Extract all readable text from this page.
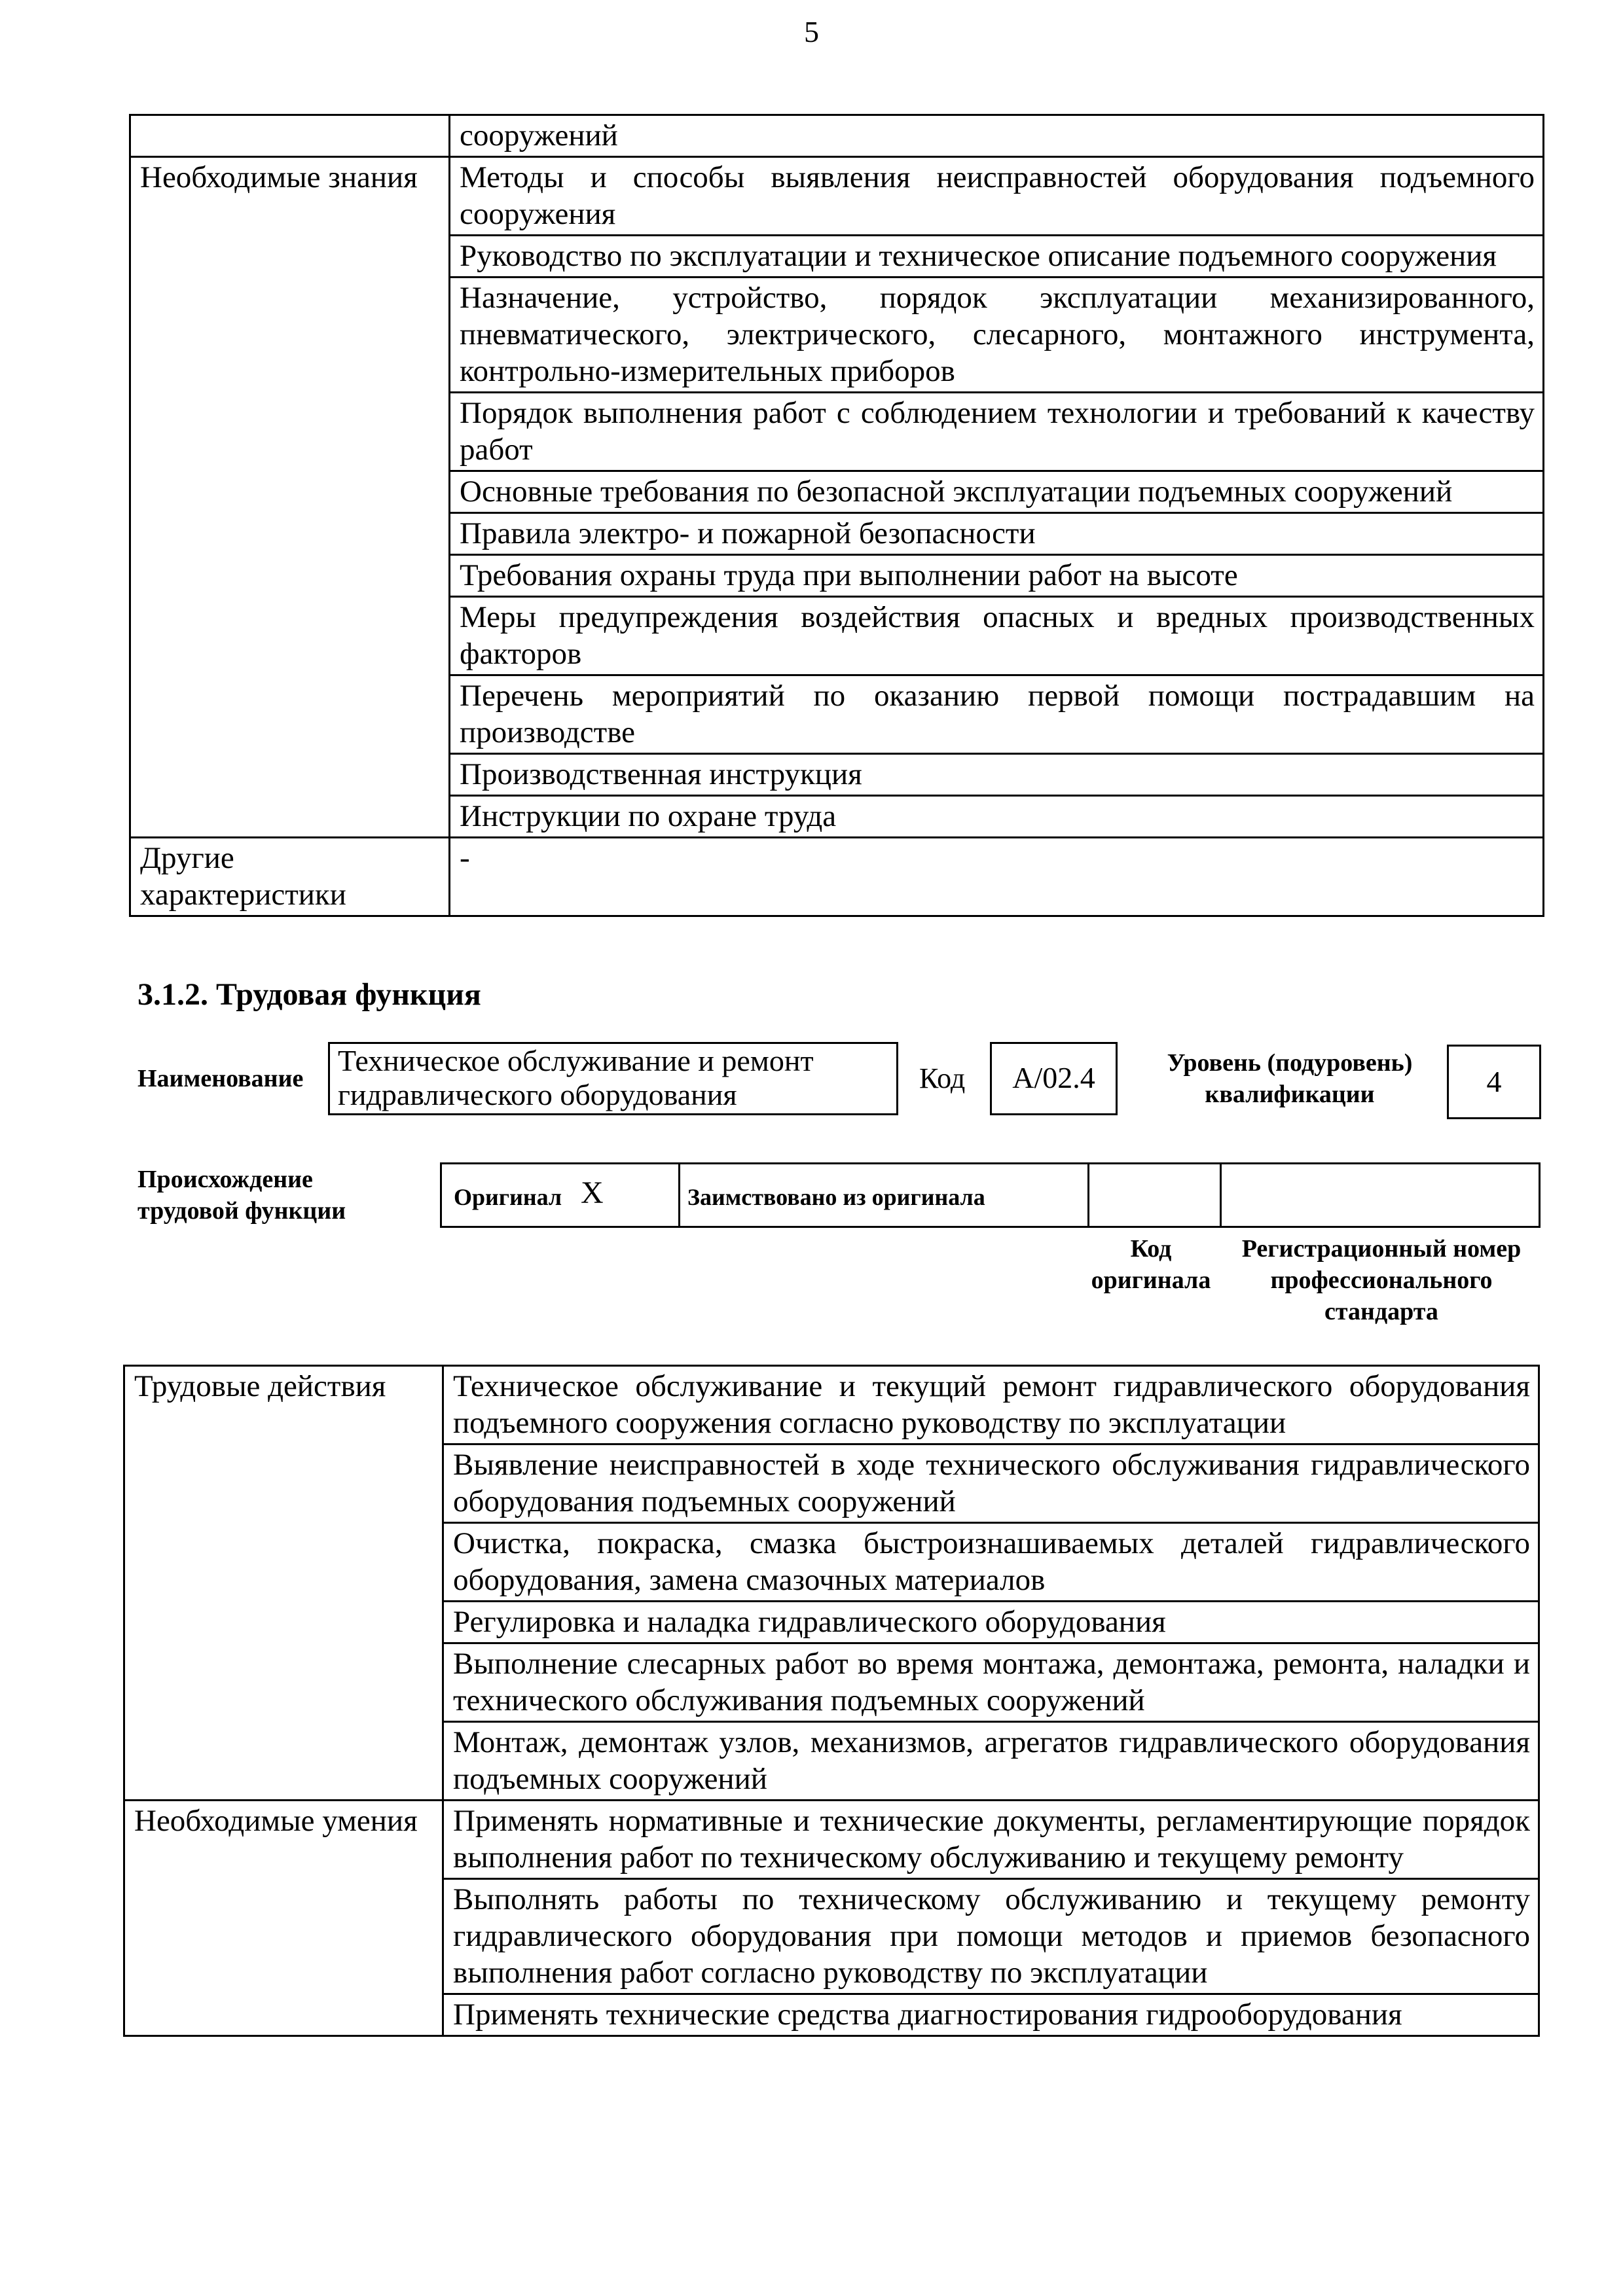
5
	сооружений
Необходимые знания	Методы и способы выявления неисправностей оборудования подъемного сооружения
	Руководство по эксплуатации и техническое описание подъемного сооружения
	Назначение, устройство, порядок эксплуатации механизированного, пневматического, электрического, слесарного, монтажного инструмента, контрольно-измерительных приборов
	Порядок выполнения работ с соблюдением технологии и требований к качеству работ
	Основные требования по безопасной эксплуатации подъемных сооружений
	Правила электро- и пожарной безопасности
	Требования охраны труда при выполнении работ на высоте
	Меры предупреждения воздействия опасных и вредных производственных факторов
	Перечень мероприятий по оказанию первой помощи пострадавшим на производстве
	Производственная инструкция
	Инструкции по охране труда
Другие характеристики	-
3.1.2. Трудовая функция
Наименование
Техническое обслуживание и ремонт гидравлического оборудования	Код	A/02.4	Уровень (подуровень) квалификации	4
Происхождение трудовой функции	Оригинал X	Заимствовано из оригинала
Код оригинала
Регистрационный номер профессионального стандарта
Трудовые действия	Техническое обслуживание и текущий ремонт гидравлического оборудования подъемного сооружения согласно руководству по эксплуатации
	Выявление неисправностей в ходе технического обслуживания гидравлического оборудования подъемных сооружений
	Очистка, покраска, смазка быстроизнашиваемых деталей гидравлического оборудования, замена смазочных материалов
	Регулировка и наладка гидравлического оборудования
	Выполнение слесарных работ во время монтажа, демонтажа, ремонта, наладки и технического обслуживания подъемных сооружений
	Монтаж, демонтаж узлов, механизмов, агрегатов гидравлического оборудования подъемных сооружений
Необходимые умения	Применять нормативные и технические документы, регламентирующие порядок выполнения работ по техническому обслуживанию и текущему ремонту
	Выполнять работы по техническому обслуживанию и текущему ремонту гидравлического оборудования при помощи методов и приемов безопасного выполнения работ согласно руководству по эксплуатации
	Применять технические средства диагностирования гидрооборудования
